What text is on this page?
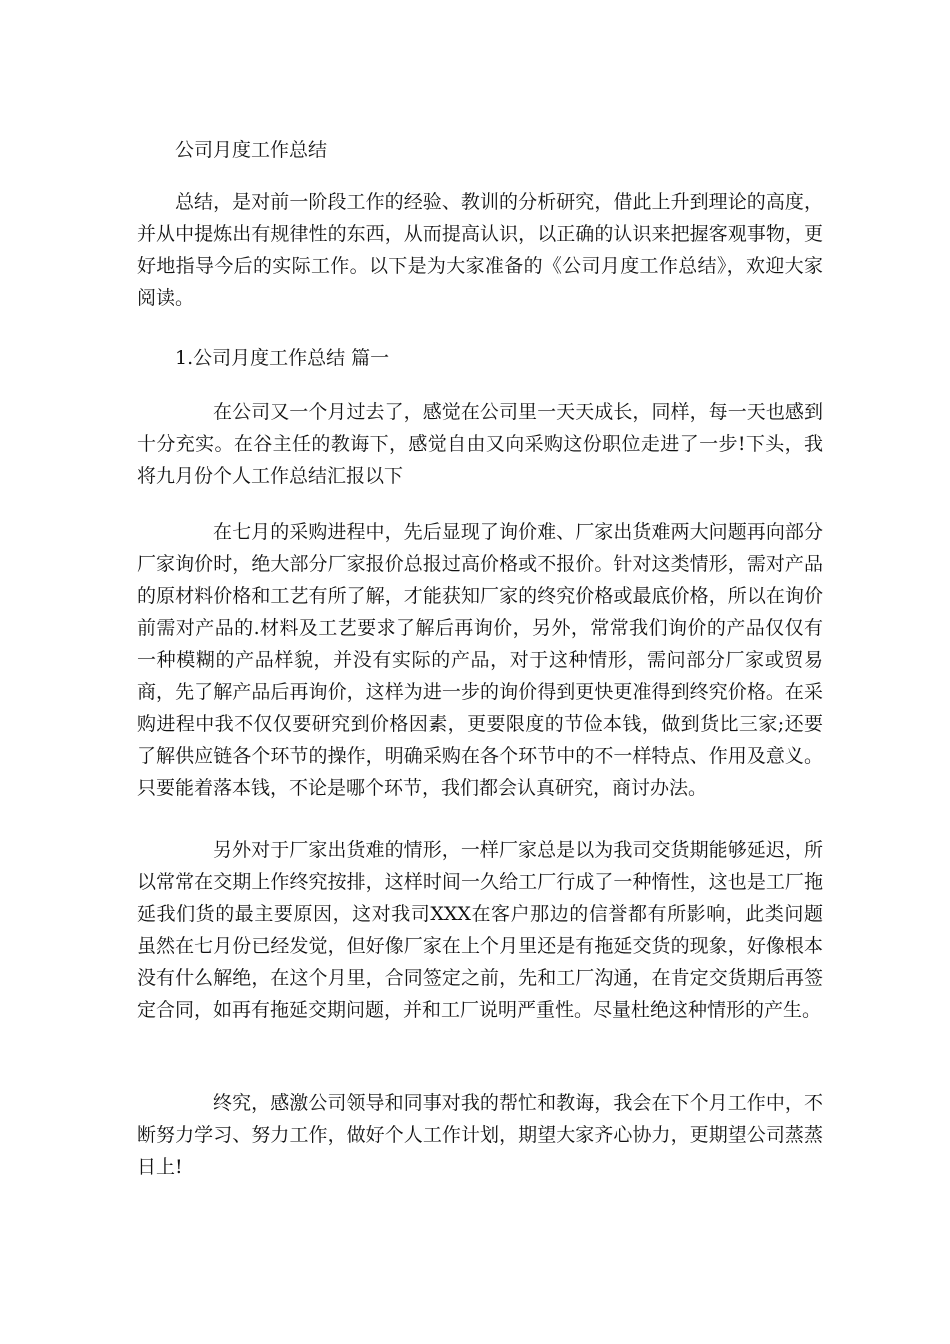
公司月度工作总结

总结，是对前一阶段工作的经验、教训的分析研究，借此上升到理论的高度，并从中提炼出有规律性的东西，从而提高认识，以正确的认识来把握客观事物，更好地指导今后的实际工作。以下是为大家准备的《公司月度工作总结》，欢迎大家阅读。

1.公司月度工作总结 篇一

在公司又一个月过去了，感觉在公司里一天天成长，同样，每一天也感到十分充实。在谷主任的教诲下，感觉自由又向采购这份职位走进了一步!下头，我将九月份个人工作总结汇报以下

在七月的采购进程中，先后显现了询价难、厂家出货难两大问题再向部分厂家询价时，绝大部分厂家报价总报过高价格或不报价。针对这类情形，需对产品的原材料价格和工艺有所了解，才能获知厂家的终究价格或最底价格，所以在询价前需对产品的.材料及工艺要求了解后再询价，另外，常常我们询价的产品仅仅有一种模糊的产品样貌，并没有实际的产品，对于这种情形，需问部分厂家或贸易商，先了解产品后再询价，这样为进一步的询价得到更快更准得到终究价格。在采购进程中我不仅仅要研究到价格因素，更要限度的节俭本钱，做到货比三家;还要了解供应链各个环节的操作，明确采购在各个环节中的不一样特点、作用及意义。只要能着落本钱，不论是哪个环节，我们都会认真研究，商讨办法。

另外对于厂家出货难的情形，一样厂家总是以为我司交货期能够延迟，所以常常在交期上作终究按排，这样时间一久给工厂行成了一种惰性，这也是工厂拖延我们货的最主要原因，这对我司XXX在客户那边的信誉都有所影响，此类问题虽然在七月份已经发觉，但好像厂家在上个月里还是有拖延交货的现象，好像根本没有什么解绝，在这个月里，合同签定之前，先和工厂沟通，在肯定交货期后再签定合同，如再有拖延交期问题，并和工厂说明严重性。尽量杜绝这种情形的产生。

终究，感激公司领导和同事对我的帮忙和教诲，我会在下个月工作中，不断努力学习、努力工作，做好个人工作计划，期望大家齐心协力，更期望公司蒸蒸日上!
